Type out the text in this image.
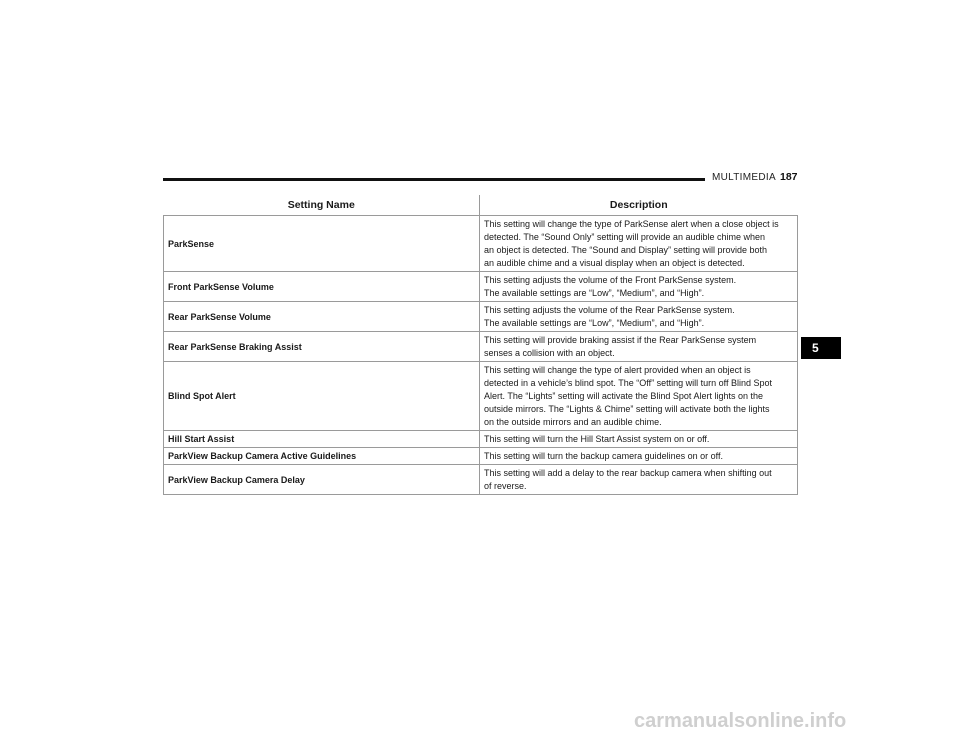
MULTIMEDIA 187
5
Setting Name	Description
ParkSense	This setting will change the type of ParkSense alert when a close object is
detected. The “Sound Only” setting will provide an audible chime when
an object is detected. The “Sound and Display” setting will provide both
an audible chime and a visual display when an object is detected.

Front ParkSense Volume	This setting adjusts the volume of the Front ParkSense system.
The available settings are “Low”, “Medium”, and “High”.

Rear ParkSense Volume	This setting adjusts the volume of the Rear ParkSense system.
The available settings are “Low”, “Medium”, and “High”.

Rear ParkSense Braking Assist	This setting will provide braking assist if the Rear ParkSense system
senses a collision with an object.

Blind Spot Alert	This setting will change the type of alert provided when an object is
detected in a vehicle’s blind spot. The “Off” setting will turn off Blind Spot
Alert. The “Lights” setting will activate the Blind Spot Alert lights on the
outside mirrors. The “Lights & Chime” setting will activate both the lights
on the outside mirrors and an audible chime.

Hill Start Assist	This setting will turn the Hill Start Assist system on or off.

ParkView Backup Camera Active Guidelines	This setting will turn the backup camera guidelines on or off.

ParkView Backup Camera Delay	This setting will add a delay to the rear backup camera when shifting out
of reverse.
carmanualsonline.info
